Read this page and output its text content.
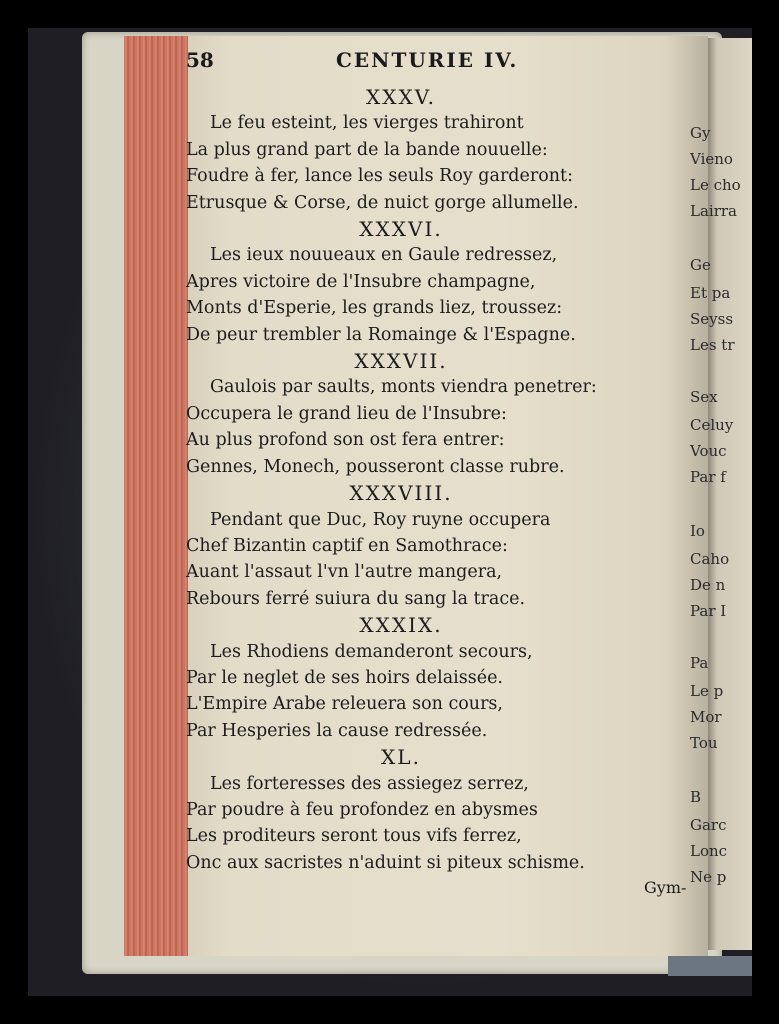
58	CENTURIE IV.
XXXV.
Le feu esteint, les vierges trahiront
La plus grand part de la bande nouuelle:
Foudre à fer, lance les seuls Roy garderont:
Etrusque & Corse, de nuict gorge allumelle.
XXXVI.
Les ieux nouueaux en Gaule redressez,
Apres victoire de l'Insubre champagne,
Monts d'Esperie, les grands liez, troussez:
De peur trembler la Romainge & l'Espagne.
XXXVII.
Gaulois par saults, monts viendra penetrer:
Occupera le grand lieu de l'Insubre:
Au plus profond son ost fera entrer:
Gennes, Monech, pousseront classe rubre.
XXXVIII.
Pendant que Duc, Roy ruyne occupera
Chef Bizantin captif en Samothrace:
Auant l'assaut l'vn l'autre mangera,
Rebours ferré suiura du sang la trace.
XXXIX.
Les Rhodiens demanderont secours,
Par le neglet de ses hoirs delaissée.
L'Empire Arabe releuera son cours,
Par Hesperies la cause redressée.
XL.
Les forteresses des assiegez serrez,
Par poudre à feu profondez en abysmes
Les proditeurs seront tous vifs ferrez,
Onc aux sacristes n'aduint si piteux schisme.
Gym-
Gy
Vieno
Le cho
Lairra
Ge
Et pa
Seyss
Les tr
Sex
Celuy
Vouc
Par f
Io
Caho
De n
Par I
Pa
Le p
Mor
Tou
B
Garc
Lonc
Ne p
